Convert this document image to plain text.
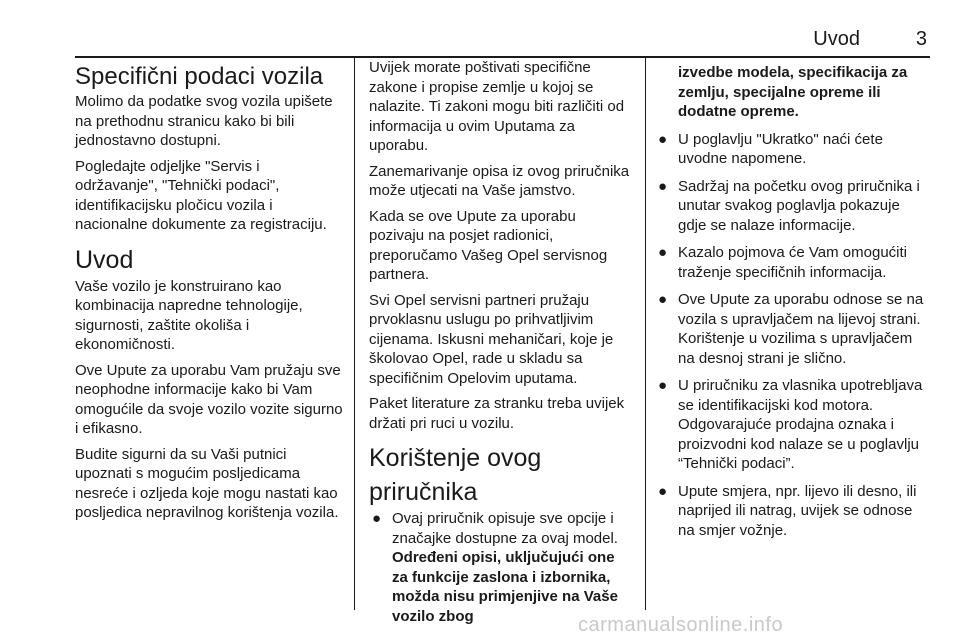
Uvod	3
Specifični podaci vozila

Molimo da podatke svog vozila upišete na prethodnu stranicu kako bi bili jednostavno dostupni.

Pogledajte odjeljke "Servis i održavanje", "Tehnički podaci", identifikacijsku pločicu vozila i nacionalne dokumente za registraciju.

Uvod

Vaše vozilo je konstruirano kao kombinacija napredne tehnologije, sigurnosti, zaštite okoliša i ekonomičnosti.

Ove Upute za uporabu Vam pružaju sve neophodne informacije kako bi Vam omogućile da svoje vozilo vozite sigurno i efikasno.

Budite sigurni da su Vaši putnici upoznati s mogućim posljedicama nesreće i ozljeda koje mogu nastati kao posljedica nepravilnog korištenja vozila.

Uvijek morate poštivati specifične zakone i propise zemlje u kojoj se nalazite. Ti zakoni mogu biti različiti od informacija u ovim Uputama za uporabu.

Zanemarivanje opisa iz ovog priručnika može utjecati na Vaše jamstvo.

Kada se ove Upute za uporabu pozivaju na posjet radionici, preporučamo Vašeg Opel servisnog partnera.

Svi Opel servisni partneri pružaju prvoklasnu uslugu po prihvatljivim cijenama. Iskusni mehaničari, koje je školovao Opel, rade u skladu sa specifičnim Opelovim uputama.

Paket literature za stranku treba uvijek držati pri ruci u vozilu.

Korištenje ovog priručnika
● Ovaj priručnik opisuje sve opcije i značajke dostupne za ovaj model. Određeni opisi, uključujući one za funkcije zaslona i izbornika, možda nisu primjenjive na Vaše vozilo zbog
izvedbe modela, specifikacija za zemlju, specijalne opreme ili dodatne opreme.
● U poglavlju "Ukratko" naći ćete uvodne napomene.
● Sadržaj na početku ovog priručnika i unutar svakog poglavlja pokazuje gdje se nalaze informacije.
● Kazalo pojmova će Vam omogućiti traženje specifičnih informacija.
● Ove Upute za uporabu odnose se na vozila s upravljačem na lijevoj strani. Korištenje u vozilima s upravljačem na desnoj strani je slično.
● U priručniku za vlasnika upotrebljava se identifikacijski kod motora. Odgovarajuće prodajna oznaka i proizvodni kod nalaze se u poglavlju “Tehnički podaci”.
● Upute smjera, npr. lijevo ili desno, ili naprijed ili natrag, uvijek se odnose na smjer vožnje.
carmanualsonline.info
